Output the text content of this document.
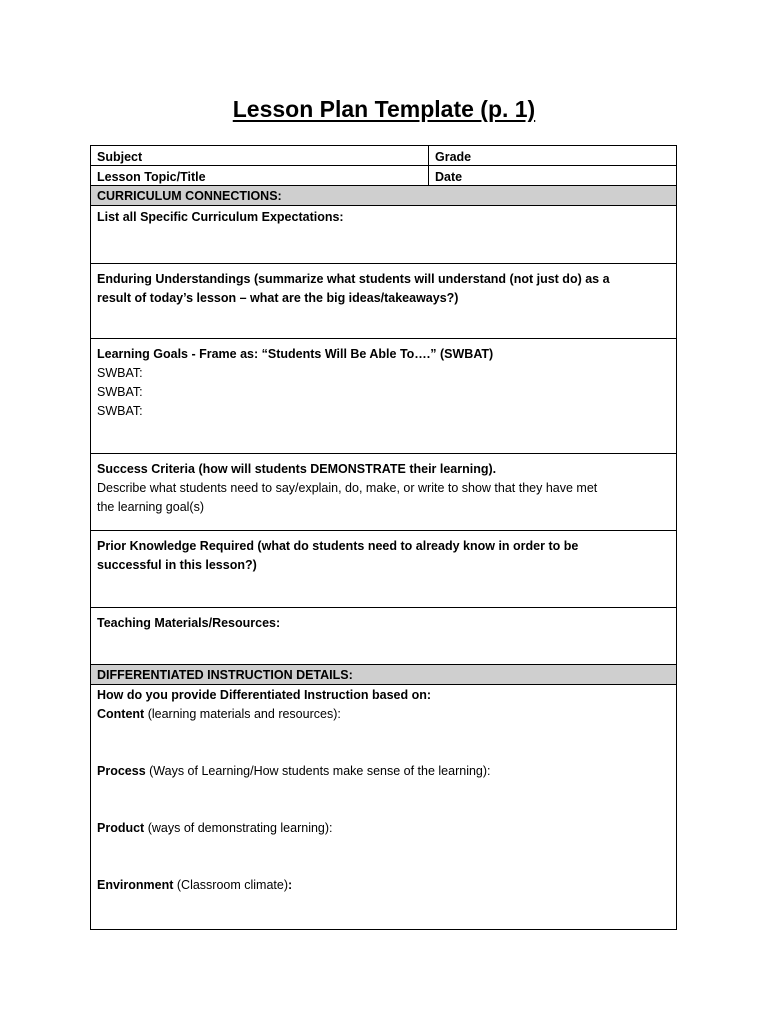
Lesson Plan Template (p. 1)
Subject	Grade
Lesson Topic/Title	Date
CURRICULUM CONNECTIONS:
List all Specific Curriculum Expectations:
Enduring Understandings (summarize what students will understand (not just do) as a
result of today’s lesson – what are the big ideas/takeaways?)
Learning Goals - Frame as: “Students Will Be Able To….” (SWBAT)
SWBAT:
SWBAT:
SWBAT:
Success Criteria (how will students DEMONSTRATE their learning).
Describe what students need to say/explain, do, make, or write to show that they have met
the learning goal(s)
Prior Knowledge Required (what do students need to already know in order to be
successful in this lesson?)
Teaching Materials/Resources:
DIFFERENTIATED INSTRUCTION DETAILS:
How do you provide Differentiated Instruction based on:
Content (learning materials and resources):
Process (Ways of Learning/How students make sense of the learning):
Product (ways of demonstrating learning):
Environment (Classroom climate):
